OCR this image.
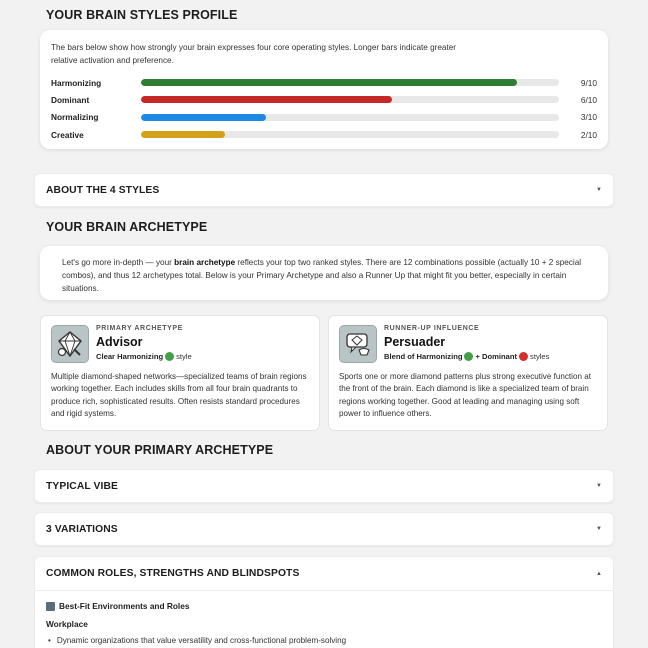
YOUR BRAIN STYLES PROFILE
The bars below show how strongly your brain expresses four core operating styles. Longer bars indicate greater relative activation and preference.
Harmonizing	9/10
Dominant	6/10
Normalizing	3/10
Creative	2/10
ABOUT THE 4 STYLES	▼
YOUR BRAIN ARCHETYPE
Let's go more in-depth — your brain archetype reflects your top two ranked styles. There are 12 combinations possible (actually 10 + 2 special combos), and thus 12 archetypes total. Below is your Primary Archetype and also a Runner Up that might fit you better, especially in certain situations.
PRIMARY ARCHETYPE
Advisor
Clear Harmonizing style
Multiple diamond-shaped networks—specialized teams of brain regions working together. Each includes skills from all four brain quadrants to produce rich, sophisticated results. Often resists standard procedures and rigid systems.
RUNNER-UP INFLUENCE
Persuader
Blend of Harmonizing + Dominant styles
Sports one or more diamond patterns plus strong executive function at the front of the brain. Each diamond is like a specialized team of brain regions working together. Good at leading and managing using soft power to influence others.
ABOUT YOUR PRIMARY ARCHETYPE
TYPICAL VIBE	▼
3 VARIATIONS	▼
COMMON ROLES, STRENGTHS AND BLINDSPOTS	▲
Best-Fit Environments and Roles
Workplace
• Dynamic organizations that value versatility and cross-functional problem-solving
